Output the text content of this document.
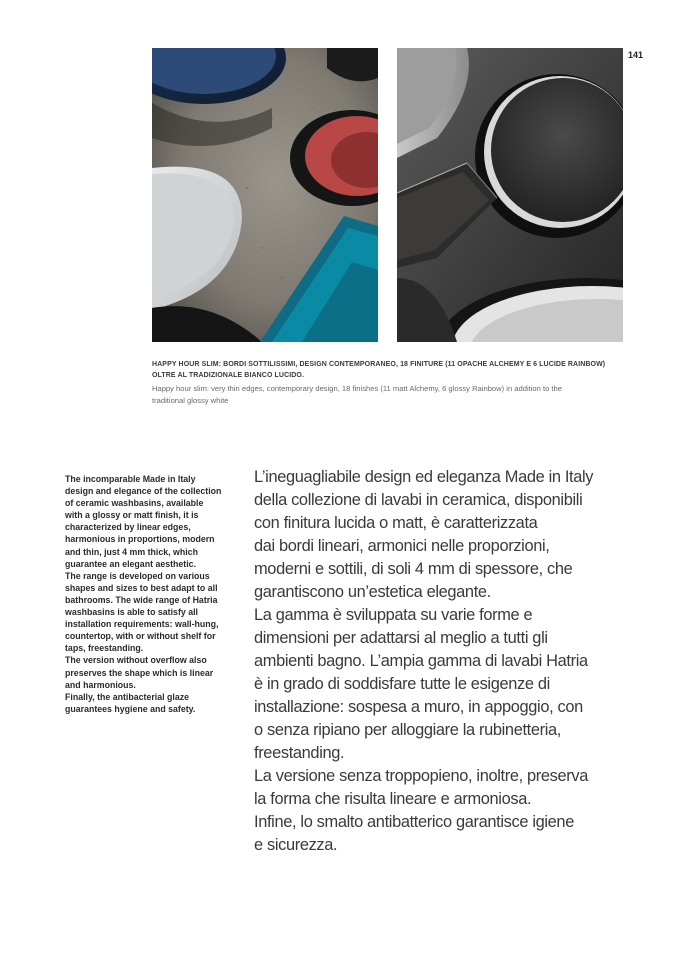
141

HAPPY HOUR SLIM: BORDI SOTTILISSIMI, DESIGN CONTEMPORANEO, 18 FINITURE (11 OPACHE ALCHEMY E 6 LUCIDE RAINBOW)
OLTRE AL TRADIZIONALE BIANCO LUCIDO.

Happy hour slim: very thin edges, contemporary design, 18 finishes (11 matt Alchemy, 6 glossy Rainbow) in addition to the
traditional glossy white

The incomparable Made in Italy
design and elegance of the collection
of ceramic washbasins, available
with a glossy or matt finish, it is
characterized by linear edges,
harmonious in proportions, modern
and thin, just 4 mm thick, which
guarantee an elegant aesthetic.
The range is developed on various
shapes and sizes to best adapt to all
bathrooms. The wide range of Hatria
washbasins is able to satisfy all
installation requirements: wall-hung,
countertop, with or without shelf for
taps, freestanding.
The version without overflow also
preserves the shape which is linear
and harmonious.
Finally, the antibacterial glaze
guarantees hygiene and safety.

L’ineguagliabile design ed eleganza Made in Italy
della collezione di lavabi in ceramica, disponibili
con finitura lucida o matt, è caratterizzata
dai bordi lineari, armonici nelle proporzioni,
moderni e sottili, di soli 4 mm di spessore, che
garantiscono un’estetica elegante.
La gamma è sviluppata su varie forme e
dimensioni per adattarsi al meglio a tutti gli
ambienti bagno. L’ampia gamma di lavabi Hatria
è in grado di soddisfare tutte le esigenze di
installazione: sospesa a muro, in appoggio, con
o senza ripiano per alloggiare la rubinetteria,
freestanding.
La versione senza troppopieno, inoltre, preserva
la forma che risulta lineare e armoniosa.
Infine, lo smalto antibatterico garantisce igiene
e sicurezza.
